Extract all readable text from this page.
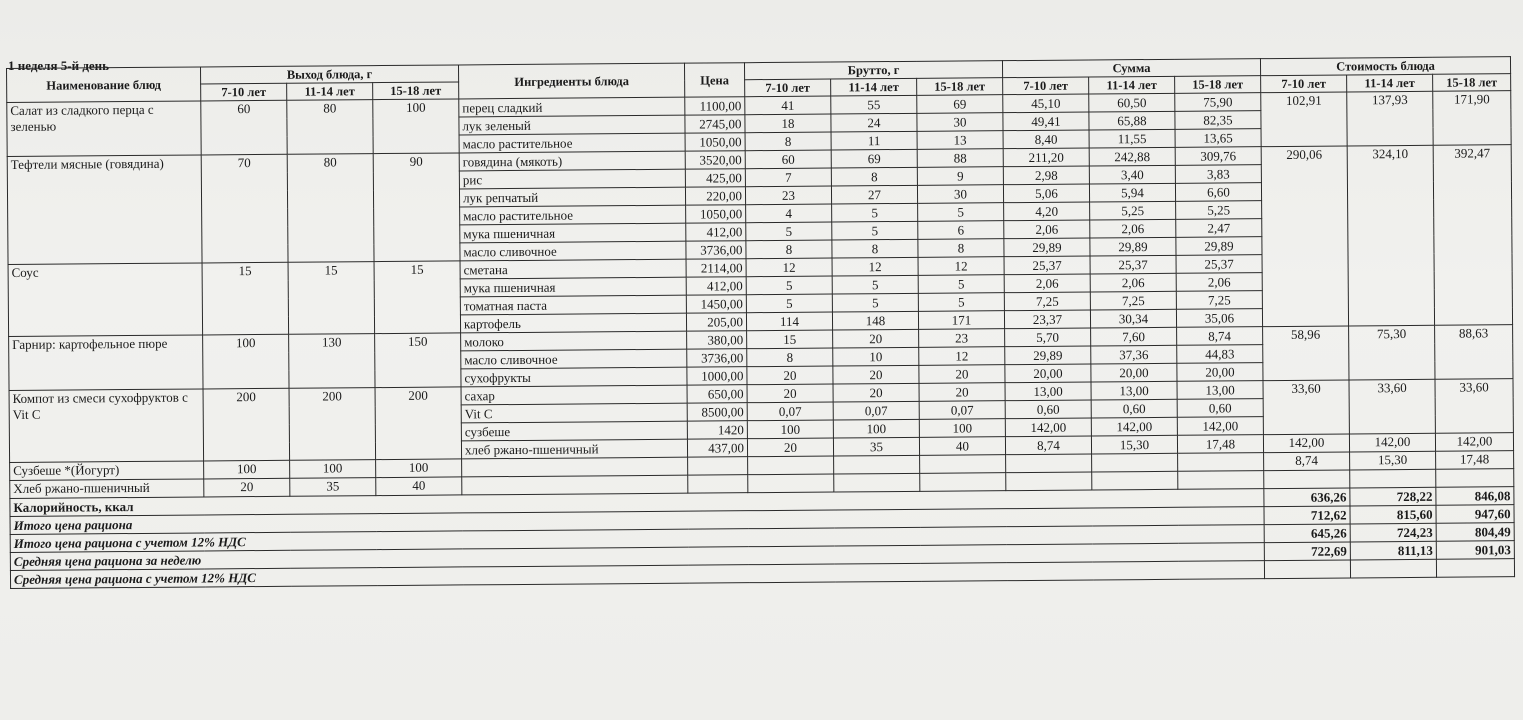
1 неделя 5-й день
Наименование блюд	Выход блюда, г			Ингредиенты блюда	Цена	Брутто, г			Сумма			Стоимость блюда		
	7-10 лет	11-14 лет	15-18 лет			7-10 лет	11-14 лет	15-18 лет	7-10 лет	11-14 лет	15-18 лет	7-10 лет	11-14 лет	15-18 лет
Салат из сладкого перца с зеленью	60	80	100	перец сладкий	1100,00	41	55	69	45,10	60,50	75,90	102,91	137,93	171,90
				лук зеленый	2745,00	18	24	30	49,41	65,88	82,35			
				масло растительное	1050,00	8	11	13	8,40	11,55	13,65			
Тефтели мясные (говядина)	70	80	90	говядина (мякоть)	3520,00	60	69	88	211,20	242,88	309,76	290,06	324,10	392,47
				рис	425,00	7	8	9	2,98	3,40	3,83			
				лук репчатый	220,00	23	27	30	5,06	5,94	6,60			
				масло растительное	1050,00	4	5	5	4,20	5,25	5,25			
				мука пшеничная	412,00	5	5	6	2,06	2,06	2,47			
				масло сливочное	3736,00	8	8	8	29,89	29,89	29,89			
Соус	15	15	15	сметана	2114,00	12	12	12	25,37	25,37	25,37			
				мука пшеничная	412,00	5	5	5	2,06	2,06	2,06			
				томатная паста	1450,00	5	5	5	7,25	7,25	7,25			
				картофель	205,00	114	148	171	23,37	30,34	35,06			
Гарнир: картофельное пюре	100	130	150	молоко	380,00	15	20	23	5,70	7,60	8,74	58,96	75,30	88,63
				масло сливочное	3736,00	8	10	12	29,89	37,36	44,83			
				сухофрукты	1000,00	20	20	20	20,00	20,00	20,00			
Компот из смеси сухофруктов с Vit C	200	200	200	сахар	650,00	20	20	20	13,00	13,00	13,00	33,60	33,60	33,60
				Vit C	8500,00	0,07	0,07	0,07	0,60	0,60	0,60			
				сузбеше	1420	100	100	100	142,00	142,00	142,00			
				хлеб ржано-пшеничный	437,00	20	35	40	8,74	15,30	17,48	142,00	142,00	142,00
Сузбеше *(Йогурт)	100	100	100									8,74	15,30	17,48
Хлеб ржано-пшеничный	20	35	40											
Калорийность, ккал												636,26	728,22	846,08
Итого цена рациона												712,62	815,60	947,60
Итого цена рациона с учетом 12% НДС												645,26	724,23	804,49
Средняя цена рациона за неделю												722,69	811,13	901,03
Средняя цена рациона с учетом 12% НДС														
